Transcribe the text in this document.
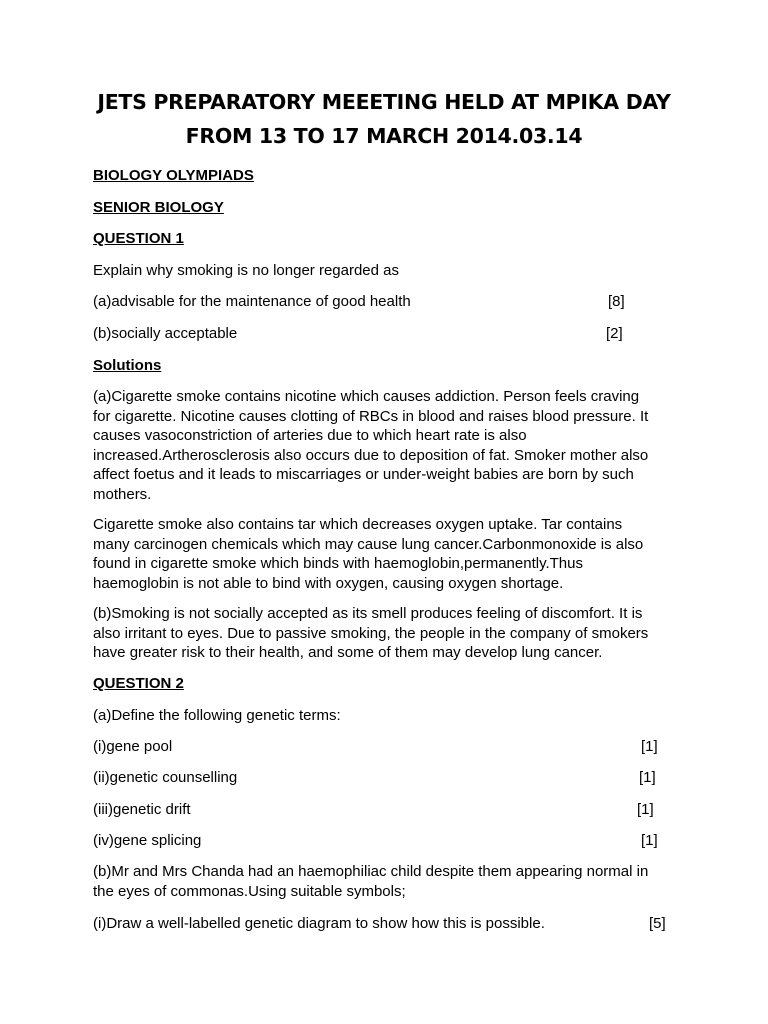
JETS PREPARATORY MEEETING HELD AT MPIKA DAY
FROM 13 TO 17 MARCH 2014.03.14
BIOLOGY OLYMPIADS
SENIOR BIOLOGY
QUESTION 1
Explain why smoking is no longer regarded as
(a)advisable for the maintenance of good health	[8]
(b)socially acceptable	[2]
Solutions
(a)Cigarette smoke contains nicotine which causes addiction. Person feels craving
for cigarette. Nicotine causes clotting of RBCs in blood and raises blood pressure. It
causes vasoconstriction of arteries due to which heart rate is also
increased.Artherosclerosis also occurs due to deposition of fat. Smoker mother also
affect foetus and it leads to miscarriages or under-weight babies are born by such
mothers.
Cigarette smoke also contains tar which decreases oxygen uptake. Tar contains
many carcinogen chemicals which may cause lung cancer.Carbonmonoxide is also
found in cigarette smoke which binds with haemoglobin,permanently.Thus
haemoglobin is not able to bind with oxygen, causing oxygen shortage.
(b)Smoking is not socially accepted as its smell produces feeling of discomfort. It is
also irritant to eyes. Due to passive smoking, the people in the company of smokers
have greater risk to their health, and some of them may develop lung cancer.
QUESTION 2
(a)Define the following genetic terms:
(i)gene pool	[1]
(ii)genetic counselling	[1]
(iii)genetic drift	[1]
(iv)gene splicing	[1]
(b)Mr and Mrs Chanda had an haemophiliac child despite them appearing normal in
the eyes of commonas.Using suitable symbols;
(i)Draw a well-labelled genetic diagram to show how this is possible.	[5]
